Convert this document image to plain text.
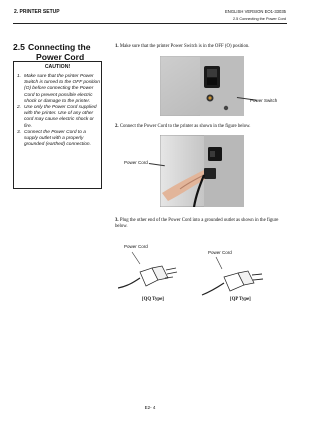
2. PRINTER SETUP	ENGLISH VERSION EO1-33035
2.5 Connecting the Power Cord
2.5 Connecting the
Power Cord
CAUTION!
1. Make sure that the printer Power Switch is turned to the OFF position (O) before connecting the Power Cord to prevent possible electric shock or damage to the printer.
2. Use only the Power Cord supplied with the printer. Use of any other cord may cause electric shock or fire.
3. Connect the Power Cord to a supply outlet with a properly grounded (earthed) connection.
1. Make sure that the printer Power Switch is in the OFF (O) position.
Power Switch
2. Connect the Power Cord to the printer as shown in the figure below.
Power Cord
3. Plug the other end of the Power Cord into a grounded outlet as shown in the figure below.
Power Cord
Power Cord
[QQ Type]	[QP Type]
E2- 4
